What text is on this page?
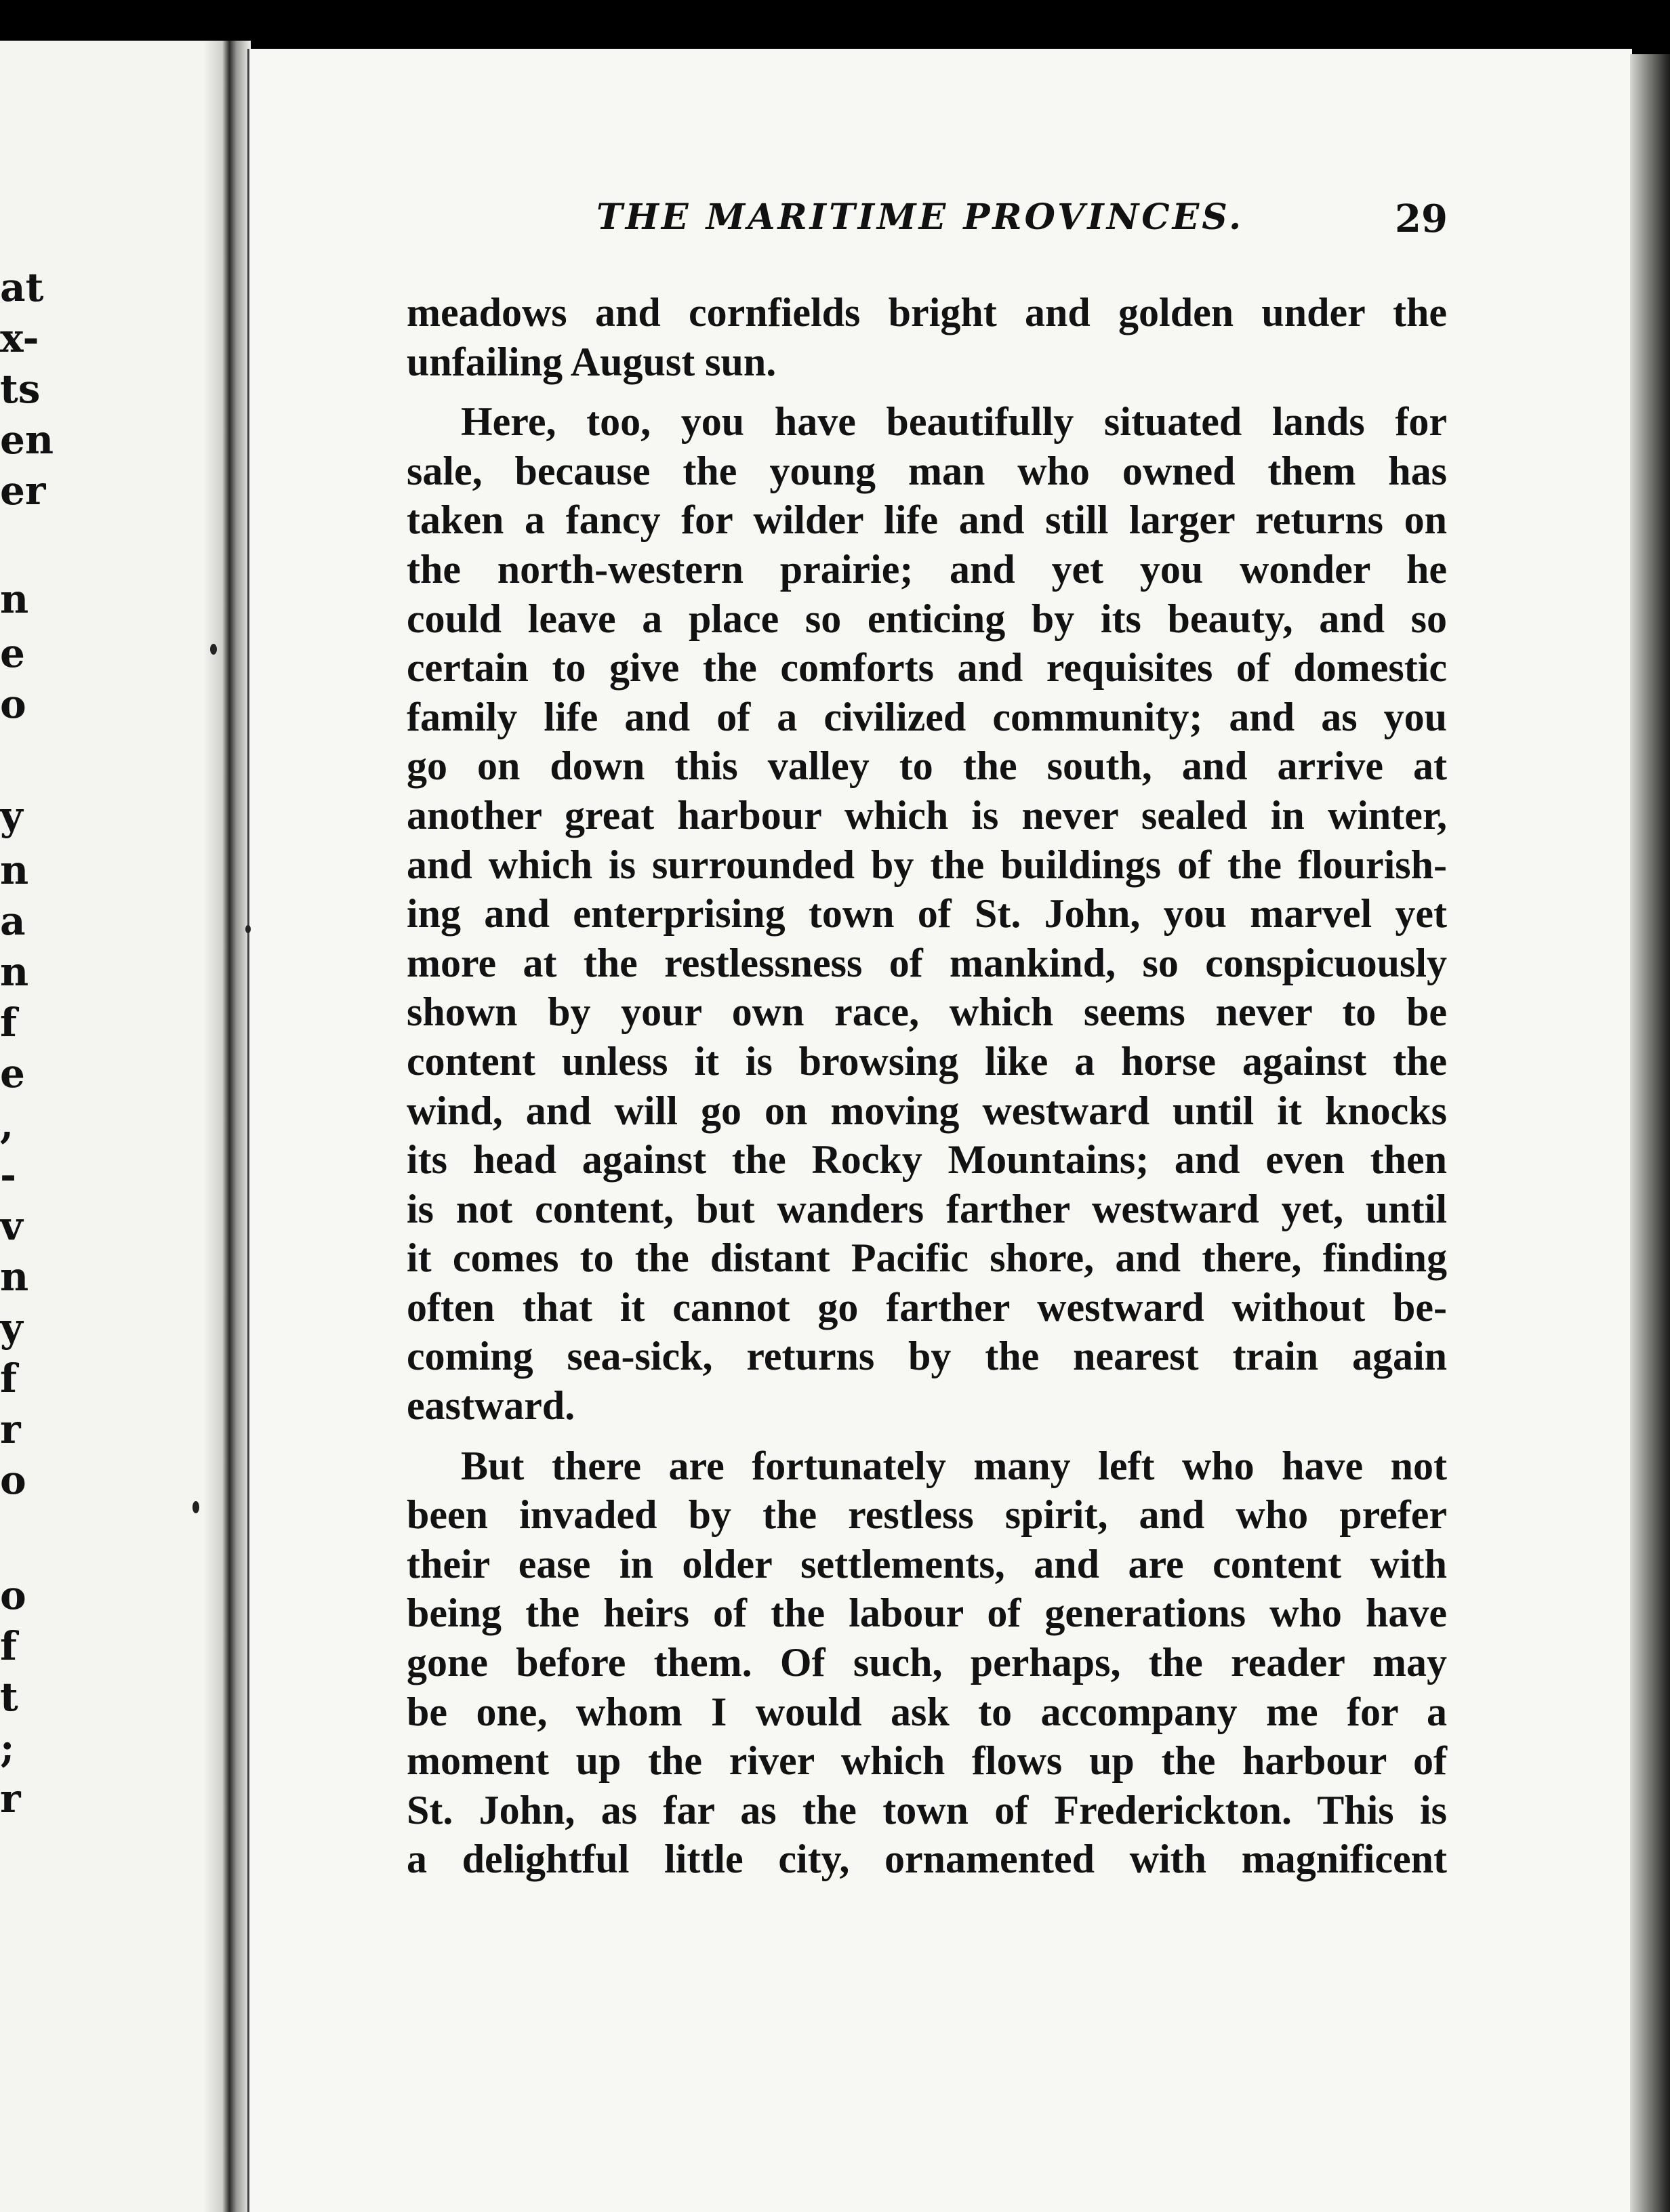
at
x-
ts
en
er
n
e
o
y
n
a
n
f
e
,
-
v
n
y
f
r
o
o
f
t
;
r
THE MARITIME PROVINCES.	29
meadows and cornfields bright and golden under the
unfailing August sun.
Here, too, you have beautifully situated lands for
sale, because the young man who owned them has
taken a fancy for wilder life and still larger returns on
the north-western prairie; and yet you wonder he
could leave a place so enticing by its beauty, and so
certain to give the comforts and requisites of domestic
family life and of a civilized community; and as you
go on down this valley to the south, and arrive at
another great harbour which is never sealed in winter,
and which is surrounded by the buildings of the flourish-
ing and enterprising town of St. John, you marvel yet
more at the restlessness of mankind, so conspicuously
shown by your own race, which seems never to be
content unless it is browsing like a horse against the
wind, and will go on moving westward until it knocks
its head against the Rocky Mountains; and even then
is not content, but wanders farther westward yet, until
it comes to the distant Pacific shore, and there, finding
often that it cannot go farther westward without be-
coming sea-sick, returns by the nearest train again
eastward.
But there are fortunately many left who have not
been invaded by the restless spirit, and who prefer
their ease in older settlements, and are content with
being the heirs of the labour of generations who have
gone before them. Of such, perhaps, the reader may
be one, whom I would ask to accompany me for a
moment up the river which flows up the harbour of
St. John, as far as the town of Frederickton. This is
a delightful little city, ornamented with magnificent
